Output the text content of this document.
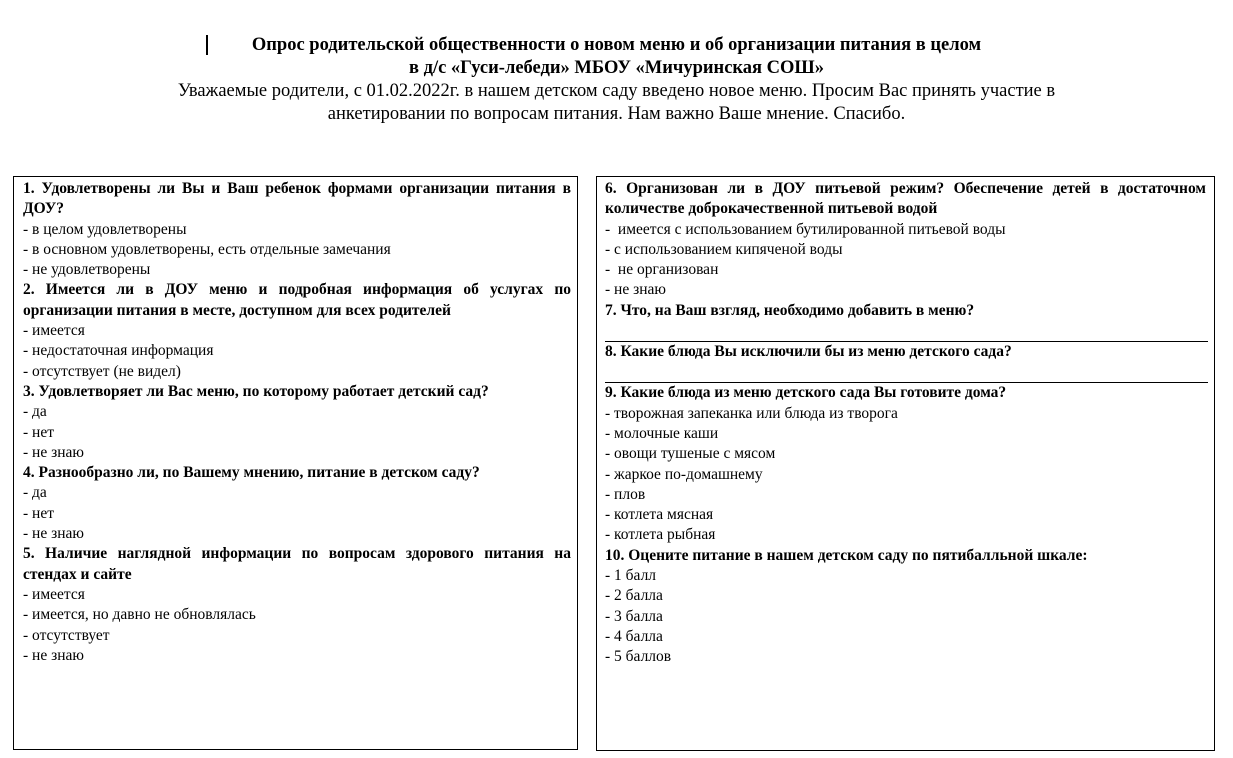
Опрос родительской общественности о новом меню и об организации питания в целом
в д/с «Гуси-лебеди» МБОУ «Мичуринская СОШ»
Уважаемые родители, с 01.02.2022г. в нашем детском саду введено новое меню. Просим Вас принять участие в
анкетировании по вопросам питания. Нам важно Ваше мнение. Спасибо.
1. Удовлетворены ли Вы и Ваш ребенок формами организации питания в ДОУ?
- в целом удовлетворены
- в основном удовлетворены, есть отдельные замечания
- не удовлетворены
2. Имеется ли в ДОУ меню и подробная информация об услугах по организации питания в месте, доступном для всех родителей
- имеется
- недостаточная информация
- отсутствует (не видел)
3. Удовлетворяет ли Вас меню, по которому работает детский сад?
- да
- нет
- не знаю
4. Разнообразно ли, по Вашему мнению, питание в детском саду?
- да
- нет
- не знаю
5. Наличие наглядной информации по вопросам здорового питания на стендах и сайте
- имеется
- имеется, но давно не обновлялась
- отсутствует
- не знаю
6. Организован ли в ДОУ питьевой режим? Обеспечение детей в достаточном количестве доброкачественной питьевой водой
-  имеется с использованием бутилированной питьевой воды
- с использованием кипяченой воды
-  не организован
- не знаю
7. Что, на Ваш взгляд, необходимо добавить в меню?
8. Какие блюда Вы исключили бы из меню детского сада?
9. Какие блюда из меню детского сада Вы готовите дома?
- творожная запеканка или блюда из творога
- молочные каши
- овощи тушеные с мясом
- жаркое по-домашнему
- плов
- котлета мясная
- котлета рыбная
10. Оцените питание в нашем детском саду по пятибалльной шкале:
- 1 балл
- 2 балла
- 3 балла
- 4 балла
- 5 баллов
